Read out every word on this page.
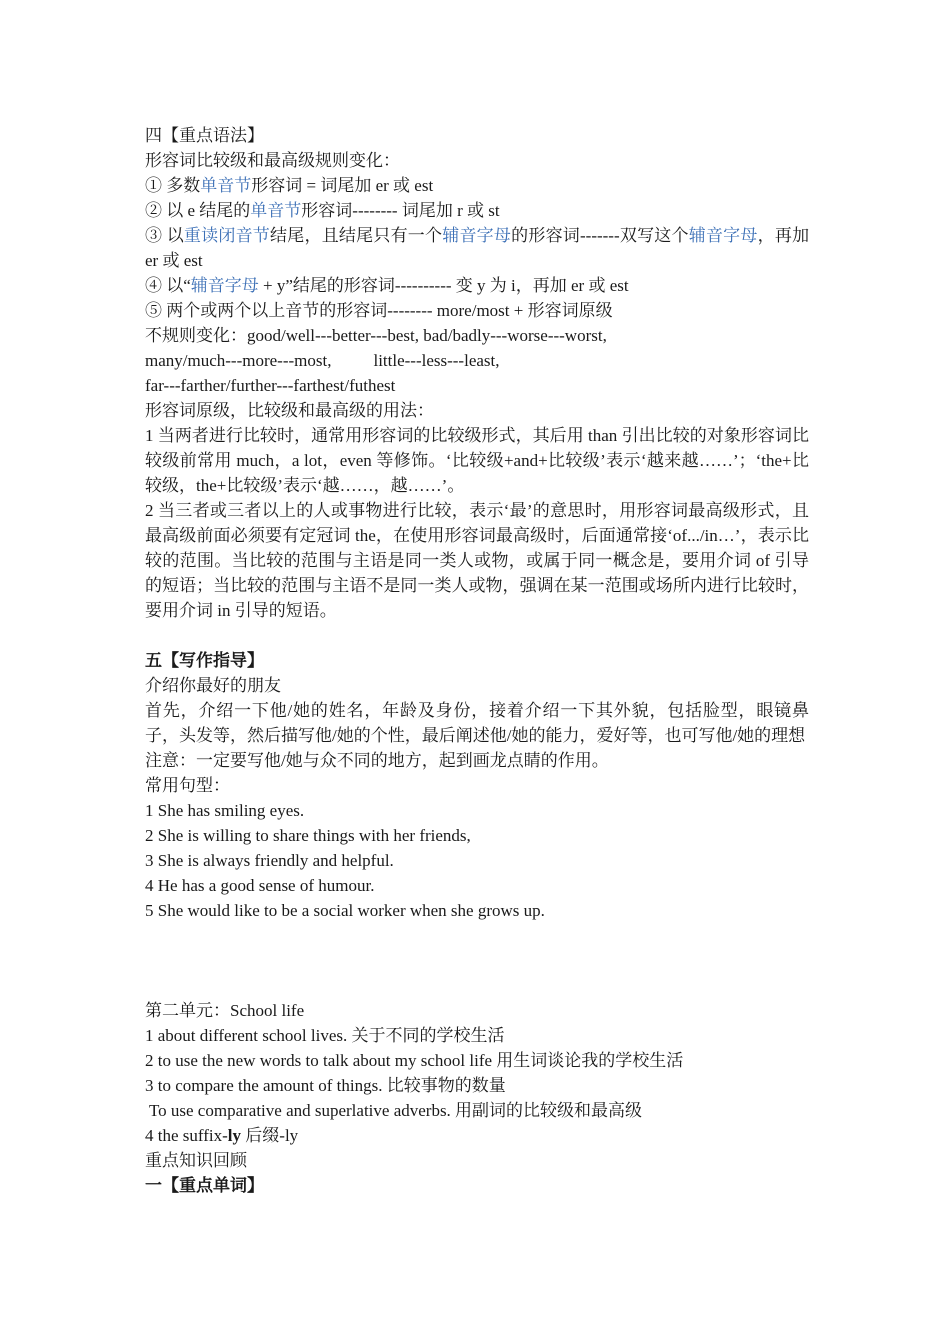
四【重点语法】
形容词比较级和最高级规则变化：
① 多数单音节形容词 = 词尾加 er 或 est
② 以 e 结尾的单音节形容词-------- 词尾加 r 或 st
③ 以重读闭音节结尾，且结尾只有一个辅音字母的形容词-------双写这个辅音字母，再加 er 或 est
④ 以“辅音字母 + y”结尾的形容词---------- 变 y 为 i，再加 er 或 est
⑤ 两个或两个以上音节的形容词-------- more/most + 形容词原级
不规则变化：good/well---better---best, bad/badly---worse---worst,
many/much---more---most, little---less---least,
far---farther/further---farthest/futhest
形容词原级，比较级和最高级的用法：
1 当两者进行比较时，通常用形容词的比较级形式，其后用 than 引出比较的对象形容词比较级前常用 much，a lot，even 等修饰。‘比较级+and+比较级’表示‘越来越……’；‘the+比较级，the+比较级’表示‘越……，越……’。
2 当三者或三者以上的人或事物进行比较，表示‘最’的意思时，用形容词最高级形式，且最高级前面必须要有定冠词 the，在使用形容词最高级时，后面通常接‘of.../in…’，表示比较的范围。当比较的范围与主语是同一类人或物，或属于同一概念是，要用介词 of 引导的短语；当比较的范围与主语不是同一类人或物，强调在某一范围或场所内进行比较时，要用介词 in 引导的短语。
五【写作指导】
介绍你最好的朋友
首先，介绍一下他/她的姓名，年龄及身份，接着介绍一下其外貌，包括脸型，眼镜鼻子，头发等，然后描写他/她的个性，最后阐述他/她的能力，爱好等，也可写他/她的理想
注意：一定要写他/她与众不同的地方，起到画龙点睛的作用。
常用句型：
1 She has smiling eyes.
2 She is willing to share things with her friends,
3 She is always friendly and helpful.
4 He has a good sense of humour.
5 She would like to be a social worker when she grows up.
第二单元：School life
1 about different school lives. 关于不同的学校生活
2 to use the new words to talk about my school life 用生词谈论我的学校生活
3 to compare the amount of things. 比较事物的数量
To use comparative and superlative adverbs. 用副词的比较级和最高级
4 the suffix-ly 后缀-ly
重点知识回顾
一【重点单词】
